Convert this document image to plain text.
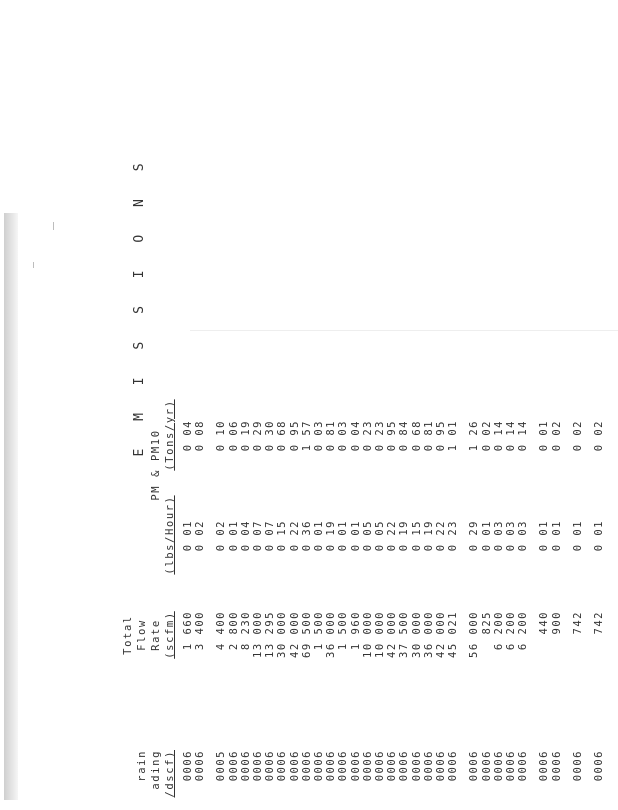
rain ading /dscf)
Total Flow Rate (scfm)
E M I S S I O N S
PM & PM10
(lbs/Hour)
(Tons/yr)
0006
1 660
0 01
0 04
0006
3 400
0 02
0 08
0005
4 400
0 02
0 10
0006
2 800
0 01
0 06
0006
8 230
0 04
0 19
0006
13 000
0 07
0 29
0006
13 295
0 07
0 30
0006
30 000
0 15
0 68
0006
42 000
0 22
0 95
0006
69 500
0 36
1 57
0006
1 500
0 01
0 03
0006
36 000
0 19
0 81
0006
1 500
0 01
0 03
0006
1 960
0 01
0 04
0006
10 000
0 05
0 23
0006
10 000
0 05
0 23
0006
42 000
0 22
0 95
0006
37 500
0 19
0 84
0006
30 000
0 15
0 68
0006
36 000
0 19
0 81
0006
42 000
0 22
0 95
0006
45 021
0 23
1 01
0006
56 000
0 29
1 26
0006
825
0 01
0 02
0006
6 200
0 03
0 14
0006
6 200
0 03
0 14
0006
6 200
0 03
0 14
0006
440
0 01
0 01
0006
900
0 01
0 02
0006
742
0 01
0 02
0006
742
0 01
0 02
